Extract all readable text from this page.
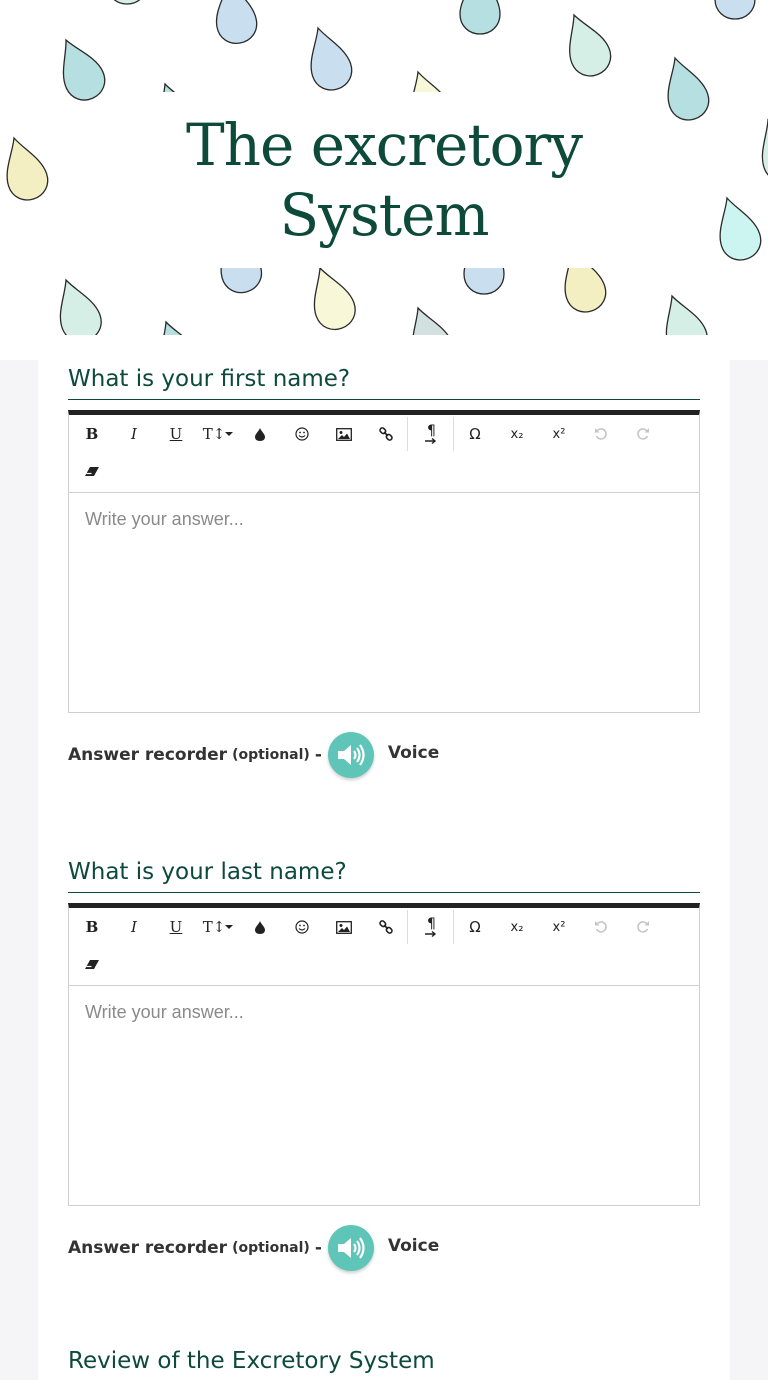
The excretory
System
What is your first name?
B	I	U	T↕	¶	Ω	x₂	x²
Write your answer...
Answer recorder (optional) -	Voice
What is your last name?
B	I	U	T↕	¶	Ω	x₂	x²
Write your answer...
Answer recorder (optional) -	Voice
Review of the Excretory System
